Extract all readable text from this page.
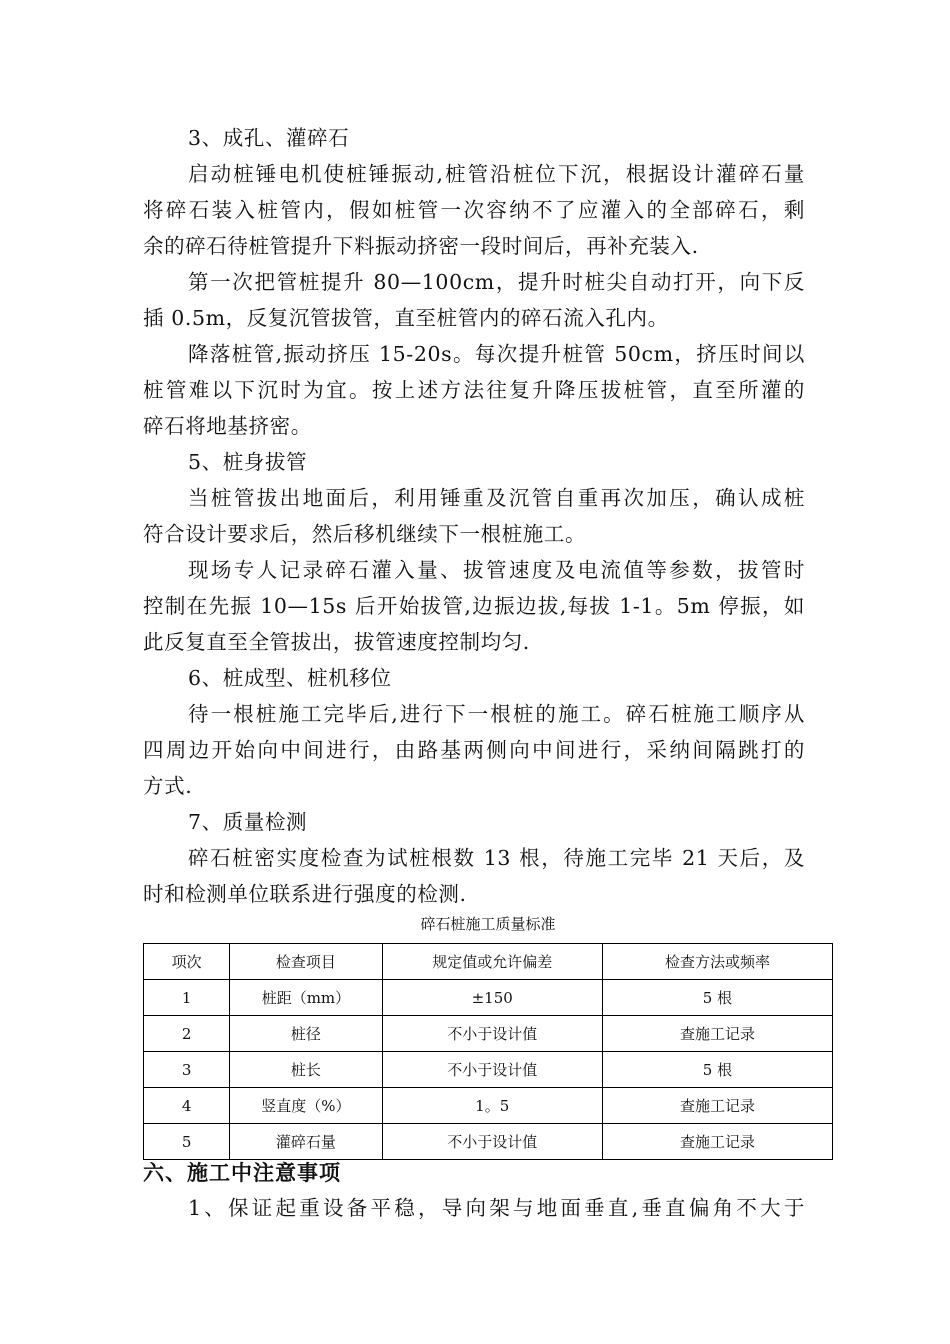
3、成孔、灌碎石
启动桩锤电机使桩锤振动,桩管沿桩位下沉，根据设计灌碎石量
将碎石装入桩管内，假如桩管一次容纳不了应灌入的全部碎石，剩
余的碎石待桩管提升下料振动挤密一段时间后，再补充装入.
第一次把管桩提升 80—100cm，提升时桩尖自动打开，向下反
插 0.5m，反复沉管拔管，直至桩管内的碎石流入孔内。
降落桩管,振动挤压 15-20s。每次提升桩管 50cm，挤压时间以
桩管难以下沉时为宜。按上述方法往复升降压拔桩管，直至所灌的
碎石将地基挤密。
5、桩身拔管
当桩管拔出地面后，利用锤重及沉管自重再次加压，确认成桩
符合设计要求后，然后移机继续下一根桩施工。
现场专人记录碎石灌入量、拔管速度及电流值等参数，拔管时
控制在先振 10—15s 后开始拔管,边振边拔,每拔 1-1。5m 停振，如
此反复直至全管拔出，拔管速度控制均匀.
6、桩成型、桩机移位
待一根桩施工完毕后,进行下一根桩的施工。碎石桩施工顺序从
四周边开始向中间进行，由路基两侧向中间进行，采纳间隔跳打的
方式.
7、质量检测
碎石桩密实度检查为试桩根数 13 根，待施工完毕 21 天后，及
时和检测单位联系进行强度的检测.
碎石桩施工质量标准
项次	检查项目	规定值或允许偏差	检查方法或频率
1	桩距（mm）	±150	5 根
2	桩径	不小于设计值	查施工记录
3	桩长	不小于设计值	5 根
4	竖直度（%）	1。5	查施工记录
5	灌碎石量	不小于设计值	查施工记录
六、施工中注意事项
1、保证起重设备平稳，导向架与地面垂直,垂直偏角不大于
